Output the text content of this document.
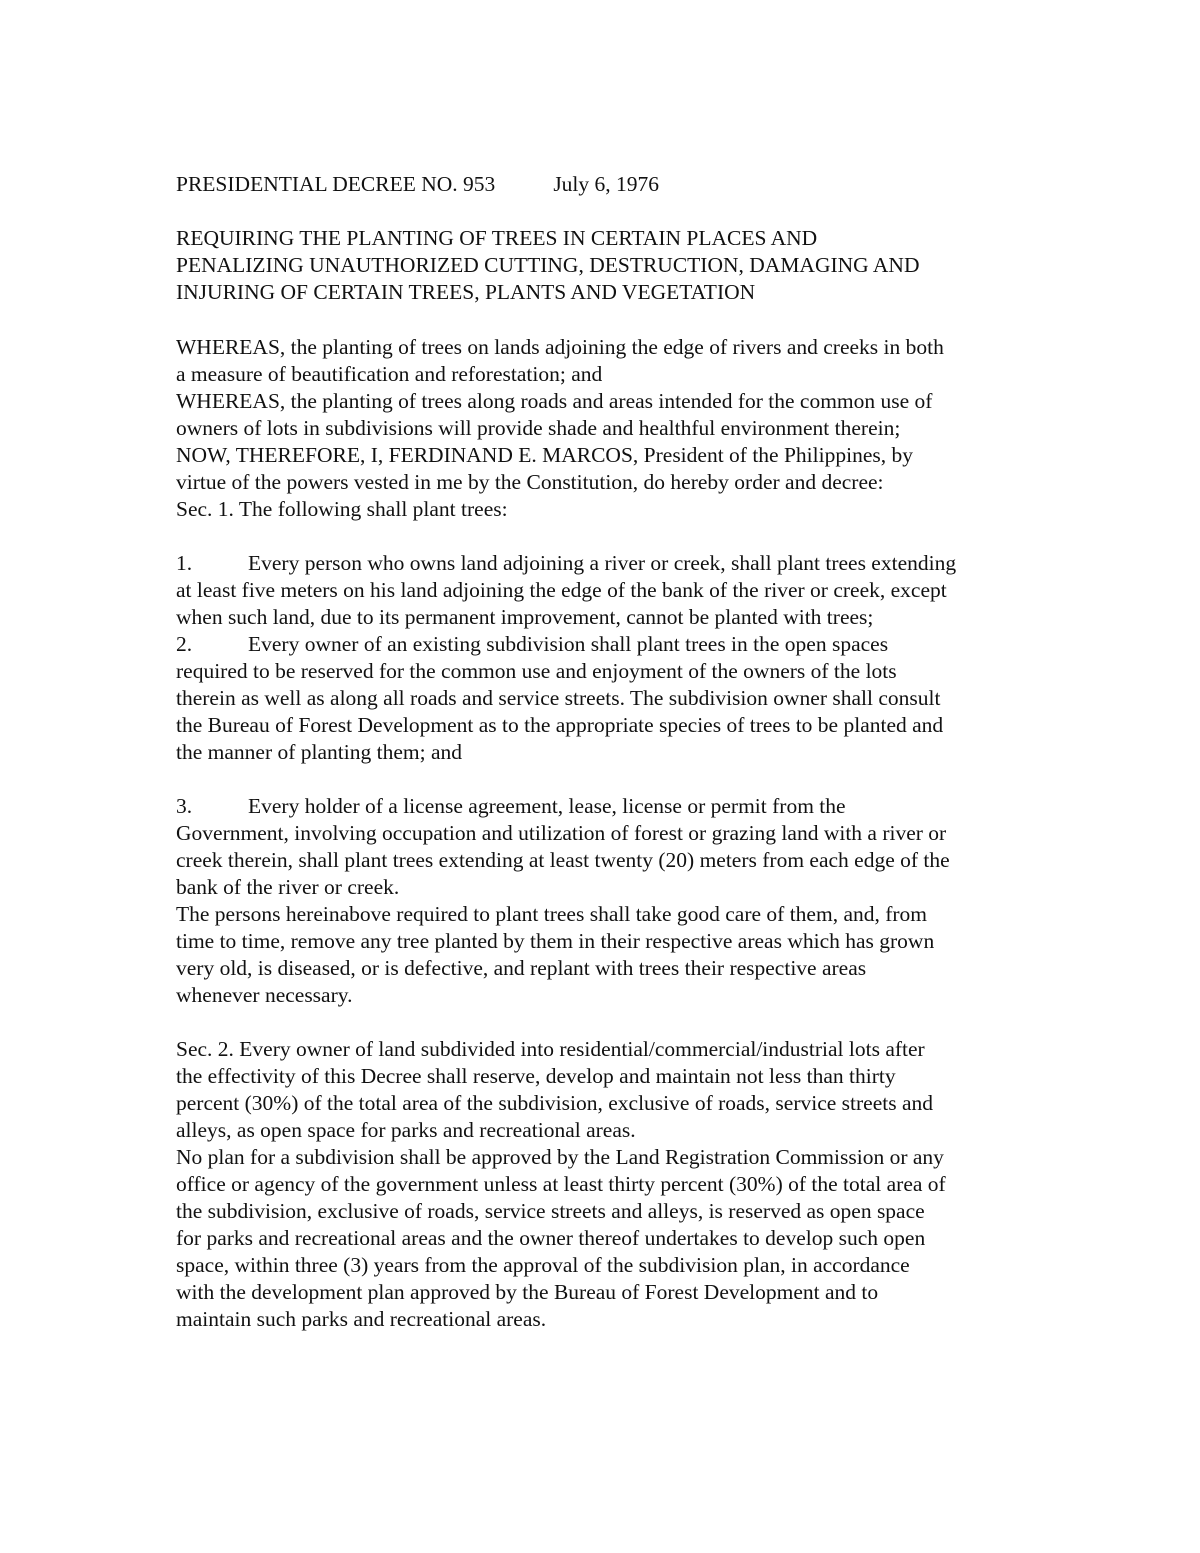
PRESIDENTIAL DECREE NO. 953	July 6, 1976
REQUIRING THE PLANTING OF TREES IN CERTAIN PLACES AND
PENALIZING UNAUTHORIZED CUTTING, DESTRUCTION, DAMAGING AND
INJURING OF CERTAIN TREES, PLANTS AND VEGETATION
WHEREAS, the planting of trees on lands adjoining the edge of rivers and creeks in both
a measure of beautification and reforestation; and
WHEREAS, the planting of trees along roads and areas intended for the common use of
owners of lots in subdivisions will provide shade and healthful environment therein;
NOW, THEREFORE, I, FERDINAND E. MARCOS, President of the Philippines, by
virtue of the powers vested in me by the Constitution, do hereby order and decree:
Sec. 1. The following shall plant trees:
1.	Every person who owns land adjoining a river or creek, shall plant trees extending
at least five meters on his land adjoining the edge of the bank of the river or creek, except
when such land, due to its permanent improvement, cannot be planted with trees;
2.	Every owner of an existing subdivision shall plant trees in the open spaces
required to be reserved for the common use and enjoyment of the owners of the lots
therein as well as along all roads and service streets. The subdivision owner shall consult
the Bureau of Forest Development as to the appropriate species of trees to be planted and
the manner of planting them; and
3.	Every holder of a license agreement, lease, license or permit from the
Government, involving occupation and utilization of forest or grazing land with a river or
creek therein, shall plant trees extending at least twenty (20) meters from each edge of the
bank of the river or creek.
The persons hereinabove required to plant trees shall take good care of them, and, from
time to time, remove any tree planted by them in their respective areas which has grown
very old, is diseased, or is defective, and replant with trees their respective areas
whenever necessary.
Sec. 2. Every owner of land subdivided into residential/commercial/industrial lots after
the effectivity of this Decree shall reserve, develop and maintain not less than thirty
percent (30%) of the total area of the subdivision, exclusive of roads, service streets and
alleys, as open space for parks and recreational areas.
No plan for a subdivision shall be approved by the Land Registration Commission or any
office or agency of the government unless at least thirty percent (30%) of the total area of
the subdivision, exclusive of roads, service streets and alleys, is reserved as open space
for parks and recreational areas and the owner thereof undertakes to develop such open
space, within three (3) years from the approval of the subdivision plan, in accordance
with the development plan approved by the Bureau of Forest Development and to
maintain such parks and recreational areas.
